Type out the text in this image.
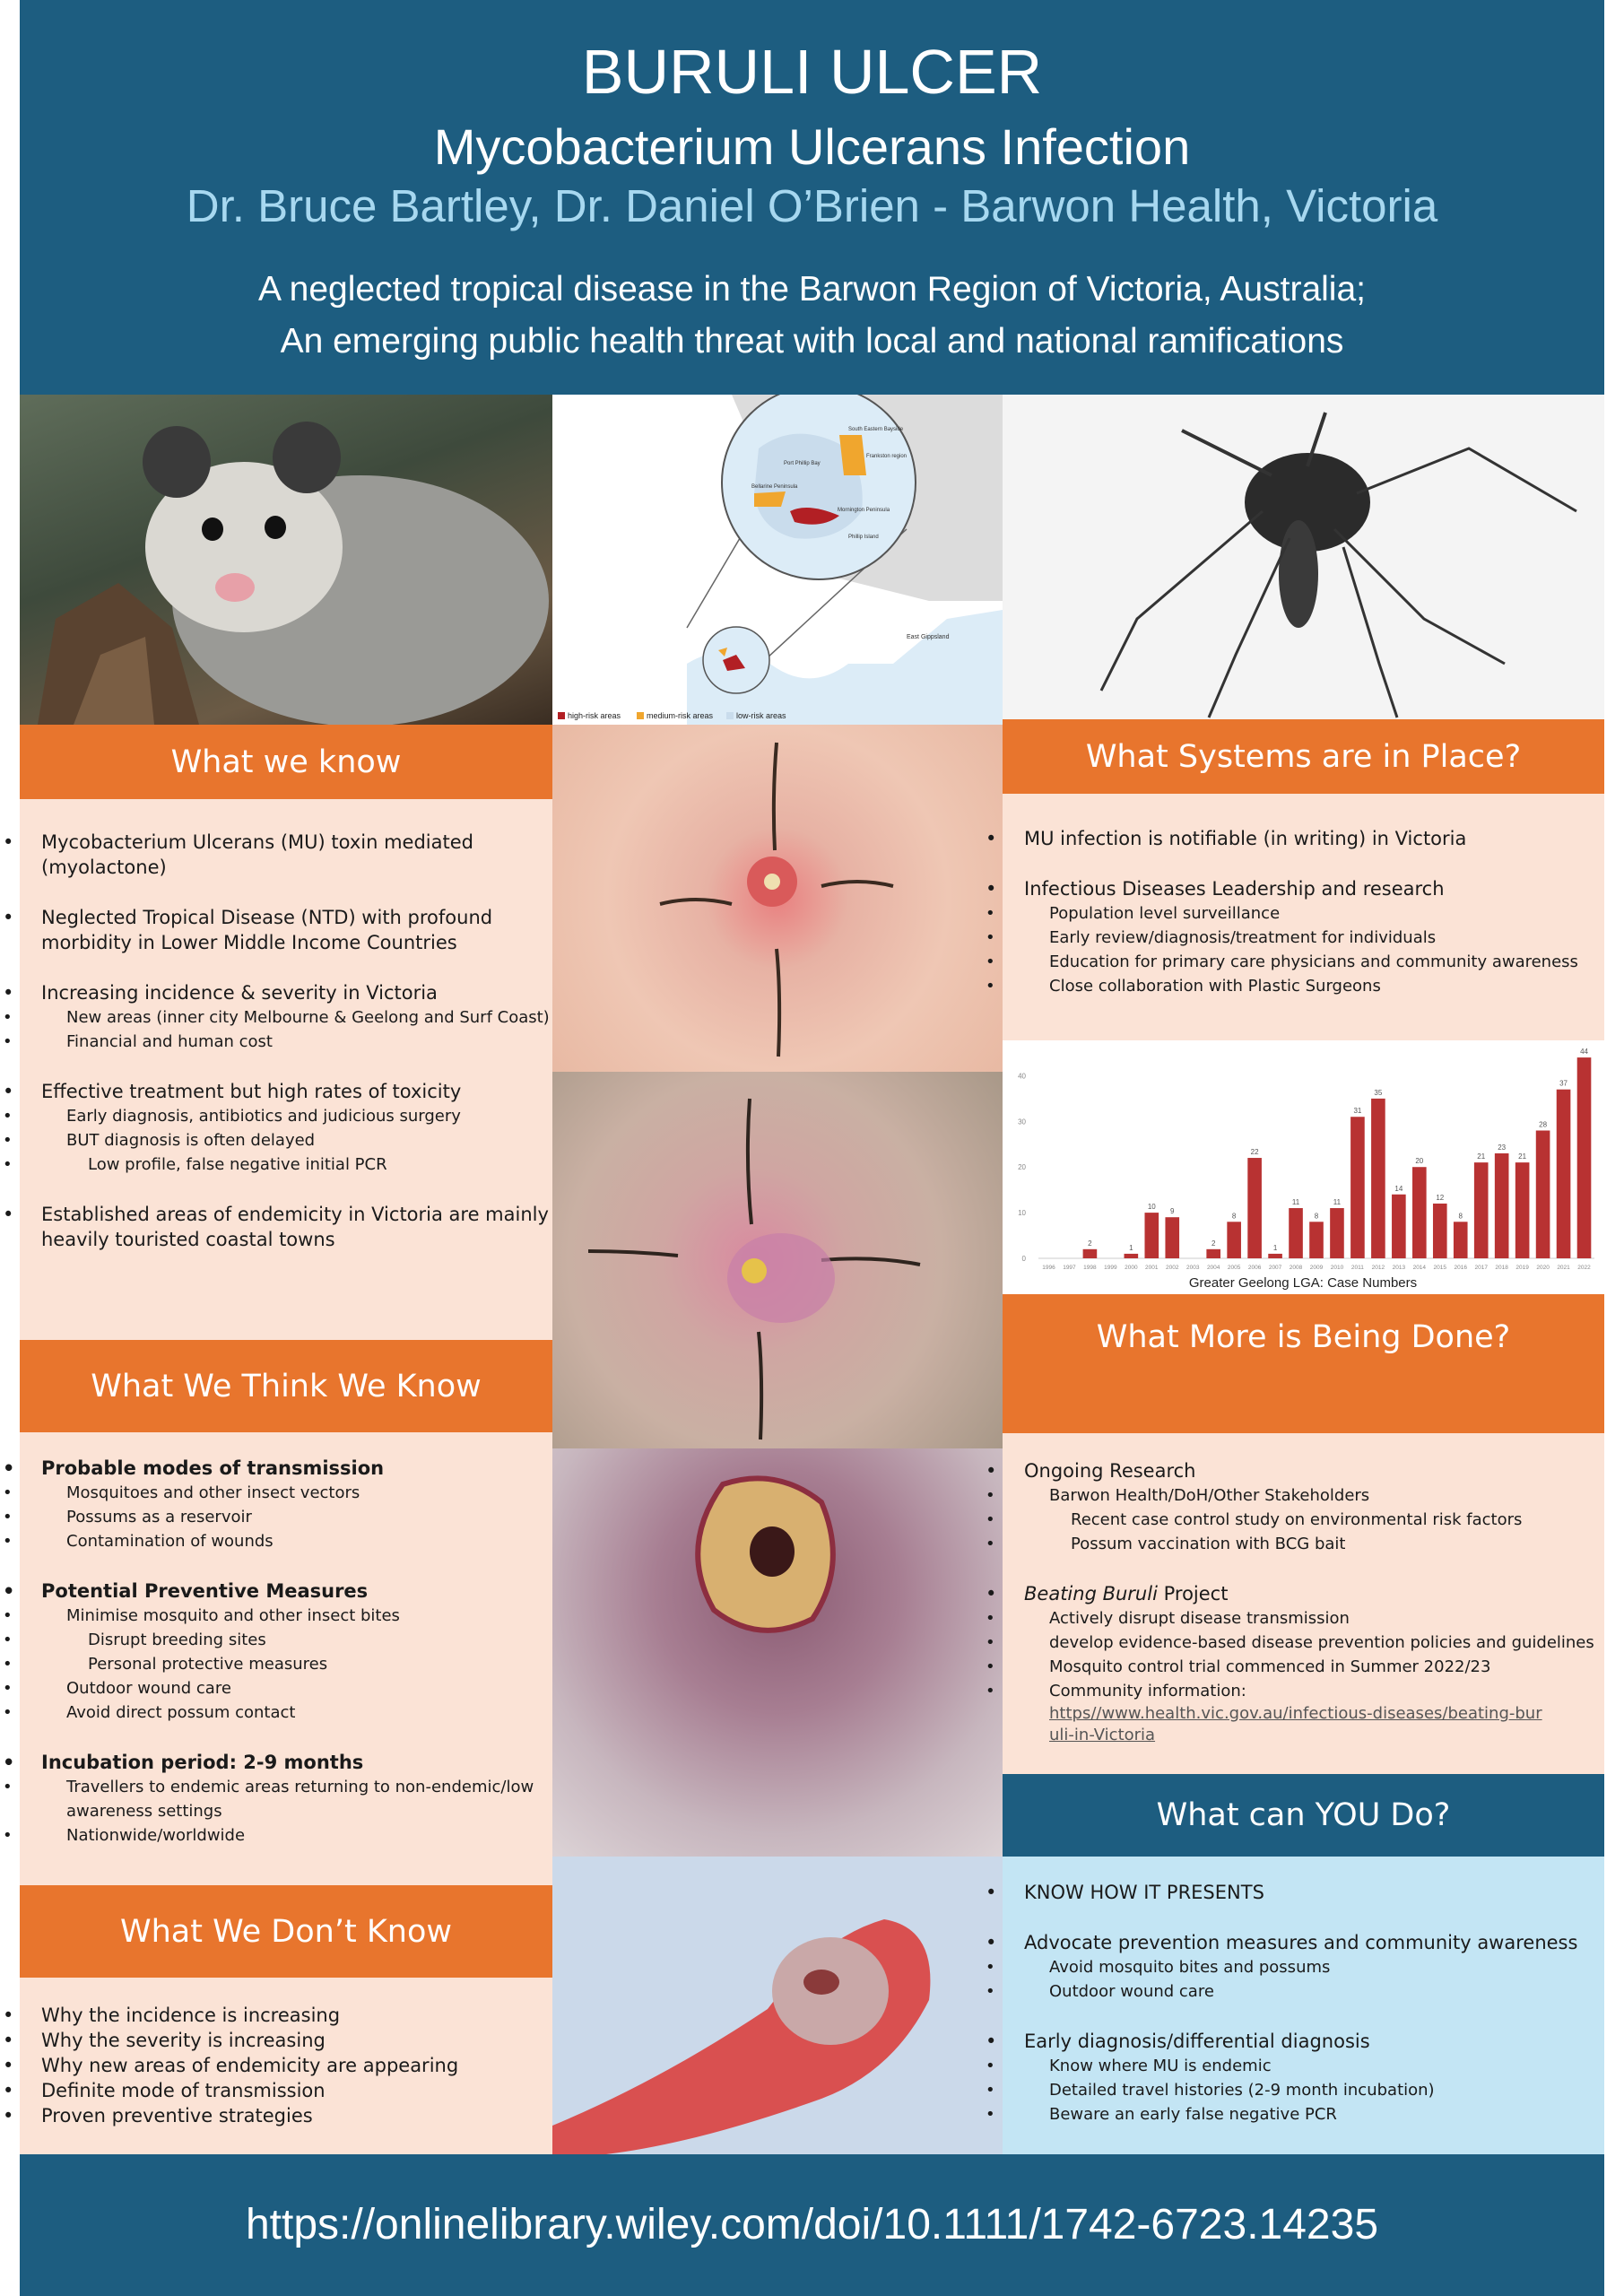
BURULI ULCER
Mycobacterium Ulcerans Infection
Dr. Bruce Bartley, Dr. Daniel O’Brien - Barwon Health, Victoria
A neglected tropical disease in the Barwon Region of Victoria, Australia;
An emerging public health threat with local and national ramifications
South Eastern Bayside
Port Phillip Bay
Frankston region
Bellarine Peninsula
Mornington Peninsula
Phillip Island
East Gippsland
high-risk areas	medium-risk areas	low-risk areas
What we know
• Mycobacterium Ulcerans (MU) toxin mediated (myolactone)
• Neglected Tropical Disease (NTD) with profound morbidity in Lower Middle Income Countries
• Increasing incidence & severity in Victoria
• New areas (inner city Melbourne & Geelong and Surf Coast)
• Financial and human cost
• Effective treatment but high rates of toxicity
• Early diagnosis, antibiotics and judicious surgery
• BUT diagnosis is often delayed
• Low profile, false negative initial PCR
• Established areas of endemicity in Victoria are mainly heavily touristed coastal towns
What We Think We Know
• Probable modes of transmission
• Mosquitoes and other insect vectors
• Possums as a reservoir
• Contamination of wounds
• Potential Preventive Measures
• Minimise mosquito and other insect bites
• Disrupt breeding sites
• Personal protective measures
• Outdoor wound care
• Avoid direct possum contact
• Incubation period: 2-9 months
• Travellers to endemic areas returning to non-endemic/low awareness settings
• Nationwide/worldwide
What We Don’t Know
• Why the incidence is increasing
• Why the severity is increasing
• Why new areas of endemicity are appearing
• Definite mode of transmission
• Proven preventive strategies
What Systems are in Place?
• MU infection is notifiable (in writing) in Victoria
• Infectious Diseases Leadership and research
• Population level surveillance
• Early review/diagnosis/treatment for individuals
• Education for primary care physicians and community awareness
• Close collaboration with Plastic Surgeons
Greater Geelong LGA: Case Numbers
0
10
20
30
40
1996 1997
2
1998 1999
1
2000
10
2001
9
2002 2003
2
2004
8
2005
22
2006
1
2007
11
2008
8
2009
11
2010
31
2011
35
2012
14
2013
20
2014
12
2015
8
2016
21
2017
23
2018
21
2019
28
2020
37
2021
44
2022
What More is Being Done?
• Ongoing Research
• Barwon Health/DoH/Other Stakeholders
• Recent case control study on environmental risk factors
• Possum vaccination with BCG bait
• Beating Buruli Project
• Actively disrupt disease transmission
• develop evidence-based disease prevention policies and guidelines
• Mosquito control trial commenced in Summer 2022/23
• Community information:
https//www.health.vic.gov.au/infectious-diseases/beating-buruli-in-Victoria
What can YOU Do?
• KNOW HOW IT PRESENTS
• Advocate prevention measures and community awareness
• Avoid mosquito bites and possums
• Outdoor wound care
• Early diagnosis/differential diagnosis
• Know where MU is endemic
• Detailed travel histories (2-9 month incubation)
• Beware an early false negative PCR
https://onlinelibrary.wiley.com/doi/10.1111/1742-6723.14235
